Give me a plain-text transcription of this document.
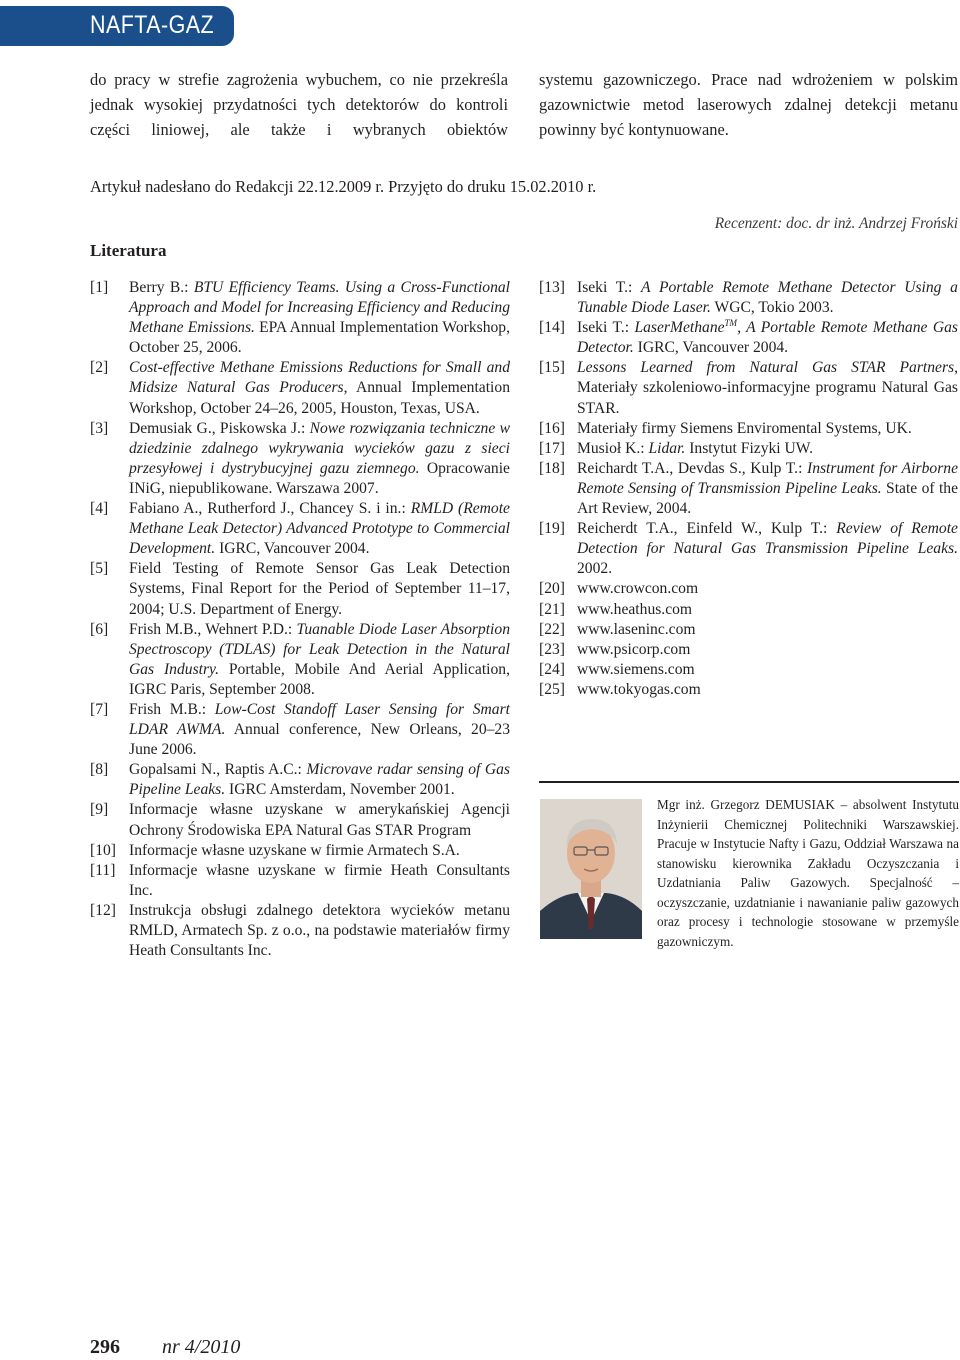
NAFTA-GAZ

do pracy w strefie zagrożenia wybuchem, co nie przekreśla jednak wysokiej przydatności tych detektorów do kontroli części liniowej, ale także i wybranych obiektów

systemu gazowniczego. Prace nad wdrożeniem w polskim gazownictwie metod laserowych zdalnej detekcji metanu powinny być kontynuowane.

Artykuł nadesłano do Redakcji 22.12.2009 r. Przyjęto do druku 15.02.2010 r.
Recenzent: doc. dr inż. Andrzej Froński
Literatura
[1]	Berry B.: BTU Efficiency Teams. Using a Cross-Functional Approach and Model for Increasing Efficiency and Reducing Methane Emissions. EPA Annual Implementation Workshop, October 25, 2006.
[2]	Cost-effective Methane Emissions Reductions for Small and Midsize Natural Gas Producers, Annual Implementation Workshop, October 24–26, 2005, Houston, Texas, USA.
[3]	Demusiak G., Piskowska J.: Nowe rozwiązania techniczne w dziedzinie zdalnego wykrywania wycieków gazu z sieci przesyłowej i dystrybucyjnej gazu ziemnego. Opracowanie INiG, niepublikowane. Warszawa 2007.
[4]	Fabiano A., Rutherford J., Chancey S. i in.: RMLD (Remote Methane Leak Detector) Advanced Prototype to Commercial Development. IGRC, Vancouver 2004.
[5]	Field Testing of Remote Sensor Gas Leak Detection Systems, Final Report for the Period of September 11–17, 2004; U.S. Department of Energy.
[6]	Frish M.B., Wehnert P.D.: Tuanable Diode Laser Absorption Spectroscopy (TDLAS) for Leak Detection in the Natural Gas Industry. Portable, Mobile And Aerial Application, IGRC Paris, September 2008.
[7]	Frish M.B.: Low-Cost Standoff Laser Sensing for Smart LDAR AWMA. Annual conference, New Orleans, 20–23 June 2006.
[8]	Gopalsami N., Raptis A.C.: Microvave radar sensing of Gas Pipeline Leaks. IGRC Amsterdam, November 2001.
[9]	Informacje własne uzyskane w amerykańskiej Agencji Ochrony Środowiska EPA Natural Gas STAR Program
[10] Informacje własne uzyskane w firmie Armatech S.A.
[11] Informacje własne uzyskane w firmie Heath Consultants Inc.
[12] Instrukcja obsługi zdalnego detektora wycieków metanu RMLD, Armatech Sp. z o.o., na podstawie materiałów firmy Heath Consultants Inc.
[13] Iseki T.: A Portable Remote Methane Detector Using a Tunable Diode Laser. WGC, Tokio 2003.
[14] Iseki T.: LaserMethane™, A Portable Remote Methane Gas Detector. IGRC, Vancouver 2004.
[15] Lessons Learned from Natural Gas STAR Partners, Materiały szkoleniowo-informacyjne programu Natural Gas STAR.
[16] Materiały firmy Siemens Enviromental Systems, UK.
[17] Musioł K.: Lidar. Instytut Fizyki UW.
[18] Reichardt T.A., Devdas S., Kulp T.: Instrument for Airborne Remote Sensing of Transmission Pipeline Leaks. State of the Art Review, 2004.
[19] Reicherdt T.A., Einfeld W., Kulp T.: Review of Remote Detection for Natural Gas Transmission Pipeline Leaks. 2002.
[20] www.crowcon.com
[21] www.heathus.com
[22] www.laseninc.com
[23] www.psicorp.com
[24] www.siemens.com
[25] www.tokyogas.com
Mgr inż. Grzegorz DEMUSIAK – absolwent Instytutu Inżynierii Chemicznej Politechniki Warszawskiej. Pracuje w Instytucie Nafty i Gazu, Oddział Warszawa na stanowisku kierownika Zakładu Oczyszczania i Uzdatniania Paliw Gazowych. Specjalność – oczyszczanie, uzdatnianie i nawanianie paliw gazowych oraz procesy i technologie stosowane w przemyśle gazowniczym.
296 nr 4/2010
